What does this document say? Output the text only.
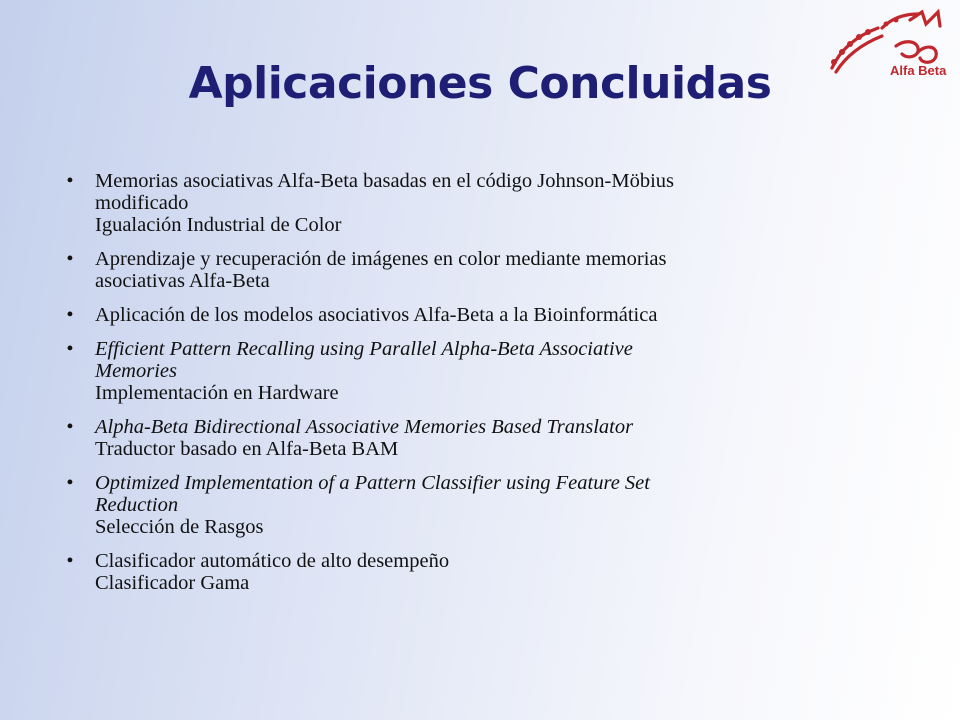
Alfa Beta
Aplicaciones Concluidas
•	Memorias asociativas Alfa-Beta basadas en el código Johnson-Möbius
modificado
Igualación Industrial de Color
•	Aprendizaje y recuperación de imágenes en color mediante memorias
asociativas Alfa-Beta
•	Aplicación de los modelos asociativos Alfa-Beta a la Bioinformática
•	Efficient Pattern Recalling using Parallel Alpha-Beta Associative
Memories
Implementación en Hardware
•	Alpha-Beta Bidirectional Associative Memories Based Translator
Traductor basado en Alfa-Beta BAM
•	Optimized Implementation of a Pattern Classifier using Feature Set
Reduction
Selección de Rasgos
•	Clasificador automático de alto desempeño
Clasificador Gama
